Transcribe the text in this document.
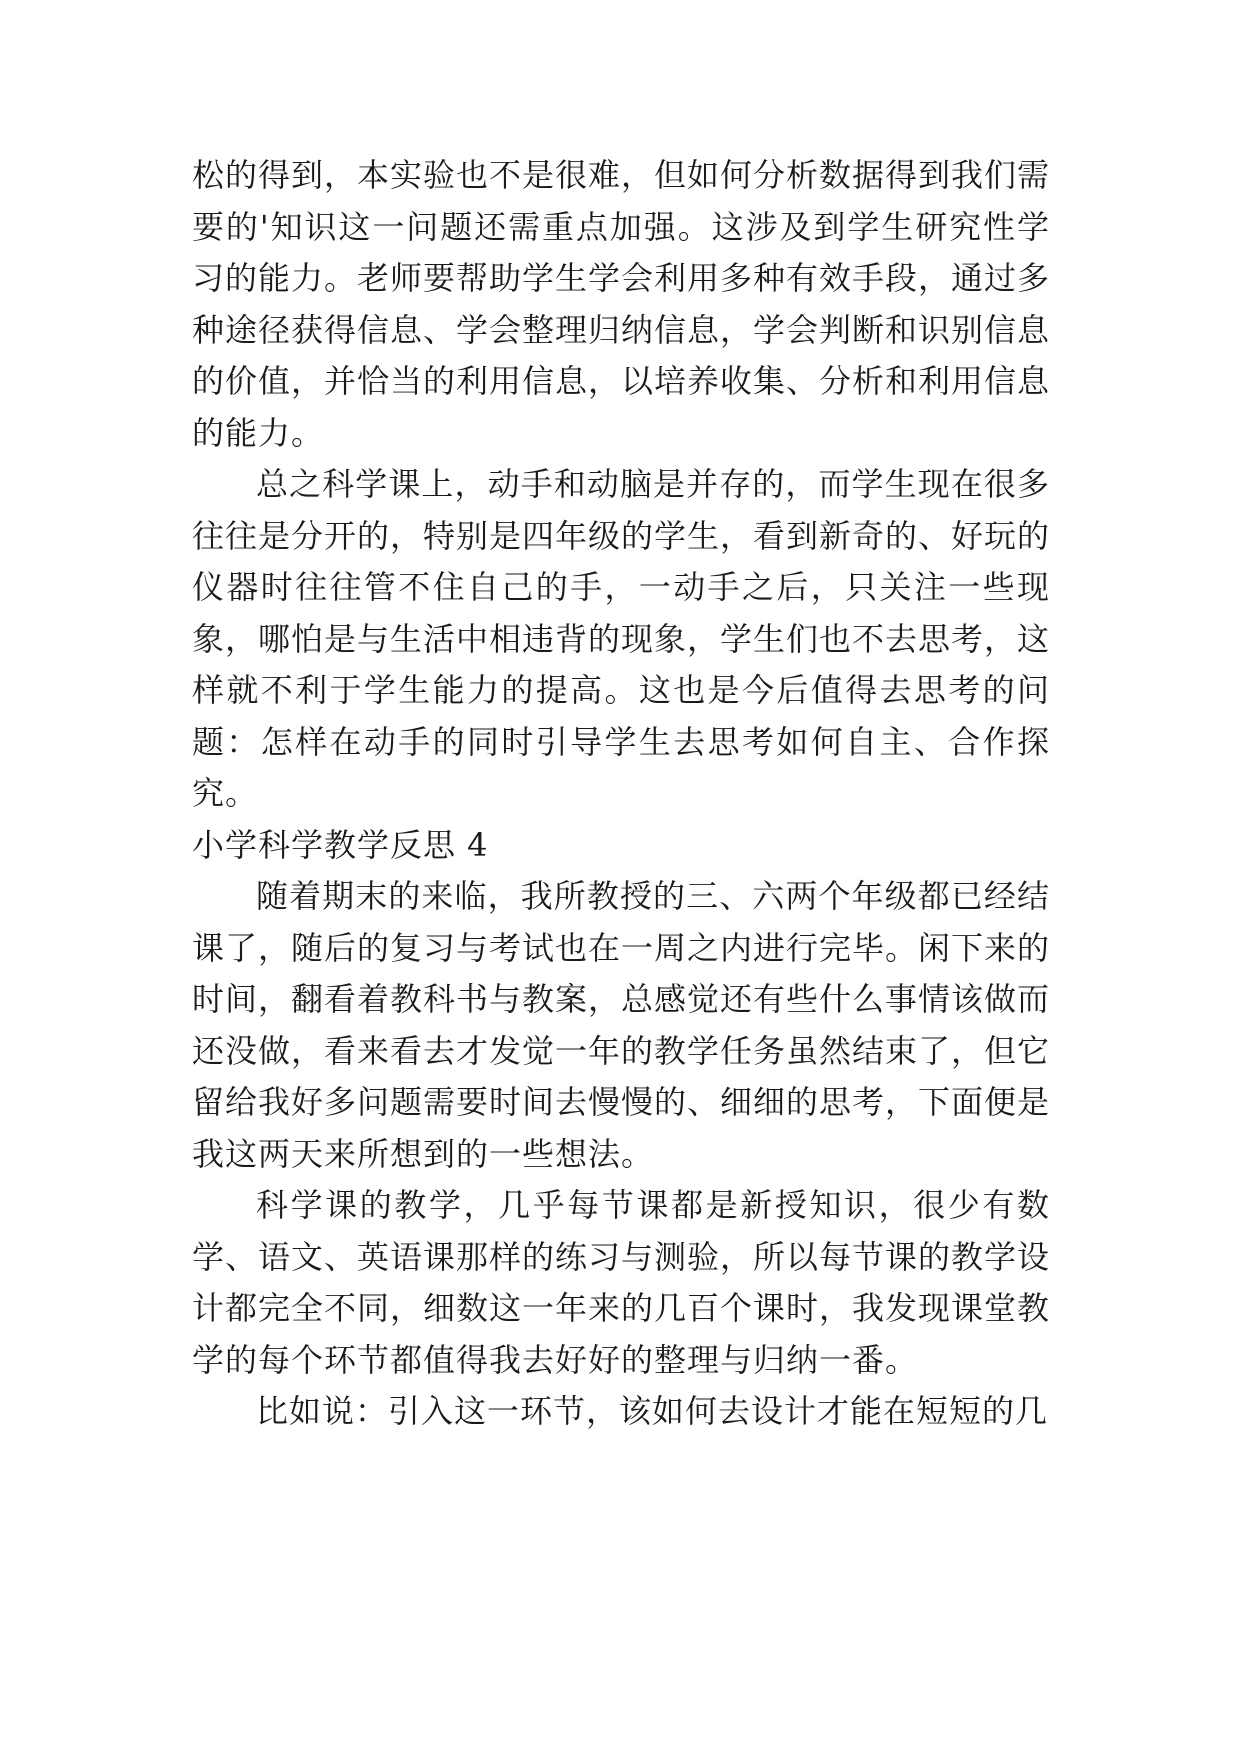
松的得到，本实验也不是很难，但如何分析数据得到我们需要的'知识这一问题还需重点加强。这涉及到学生研究性学习的能力。老师要帮助学生学会利用多种有效手段，通过多种途径获得信息、学会整理归纳信息，学会判断和识别信息的价值，并恰当的利用信息，以培养收集、分析和利用信息的能力。

总之科学课上，动手和动脑是并存的，而学生现在很多往往是分开的，特别是四年级的学生，看到新奇的、好玩的仪器时往往管不住自己的手，一动手之后，只关注一些现象，哪怕是与生活中相违背的现象，学生们也不去思考，这样就不利于学生能力的提高。这也是今后值得去思考的问题：怎样在动手的同时引导学生去思考如何自主、合作探究。

小学科学教学反思 4

随着期末的来临，我所教授的三、六两个年级都已经结课了，随后的复习与考试也在一周之内进行完毕。闲下来的时间，翻看着教科书与教案，总感觉还有些什么事情该做而还没做，看来看去才发觉一年的教学任务虽然结束了，但它留给我好多问题需要时间去慢慢的、细细的思考，下面便是我这两天来所想到的一些想法。

科学课的教学，几乎每节课都是新授知识，很少有数学、语文、英语课那样的练习与测验，所以每节课的教学设计都完全不同，细数这一年来的几百个课时，我发现课堂教学的每个环节都值得我去好好的整理与归纳一番。

比如说：引入这一环节，该如何去设计才能在短短的几
